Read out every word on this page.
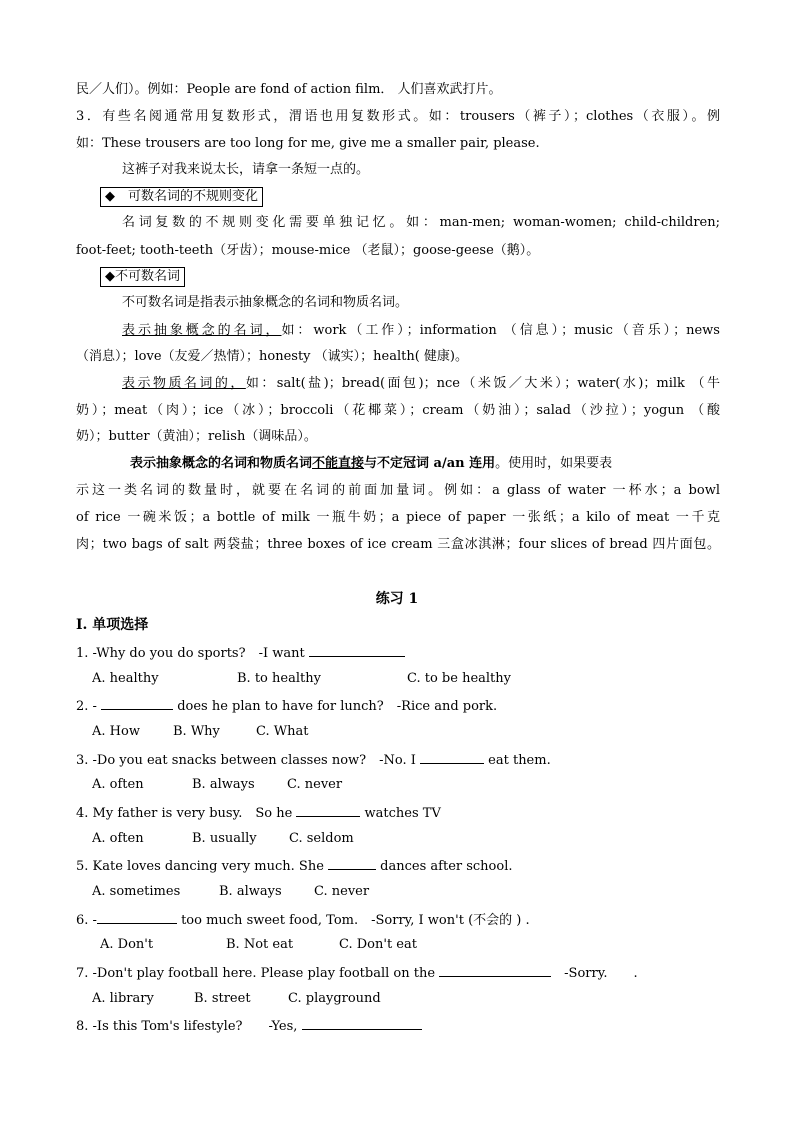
民／人们）。例如：People are fond of action film． 人们喜欢武打片。
3．有些名阅通常用复数形式，渭语也用复数形式。如：trousers（裤子）；clothes（衣服）。例
如：These trousers are too long for me, give me a smaller pair, please.
这裤子对我来说太长，请拿一条短一点的。
◆　可数名词的不规则变化
名词复数的不规则变化需要单独记忆。如：man-men; woman-women; child-children;
foot-feet; tooth-teeth（牙齿）；mouse-mice （老鼠）；goose-geese（鹅）。
◆不可数名词
不可数名词是指表示抽象概念的名词和物质名词。
表示抽象概念的名词，如：work（工作）；information （信息）；music（音乐）；news
（消息）；love（友爱／热情）；honesty （诚实）；health( 健康)。
表示物质名词的，如：salt(盐)；bread(面包)；nce（米饭／大米）；water(水)；milk （牛
奶）；meat（肉）；ice（冰）；broccoli（花椰菜）；cream（奶油）；salad（沙拉）；yogun （酸
奶）；butter（黄油）；relish（调味品）。
表示抽象概念的名词和物质名词不能直接与不定冠词 a/an 连用。使用时，如果要表
示这一类名词的数量时，就要在名词的前面加量词。例如：a glass of water 一杯水；a bowl
of rice 一碗米饭；a bottle of milk 一瓶牛奶；a piece of paper 一张纸；a kilo of meat 一千克
肉；two bags of salt 两袋盐；three boxes of ice cream 三盒冰淇淋；four slices of bread 四片面包。
练习 1
I. 单项选择
1. -Why do you do sports?　-I want
A. healthy	B. to healthy	C. to be healthy
2. -	does he plan to have for lunch?　-Rice and pork.
A. How	B. Why	C. What
3. -Do you eat snacks between classes now?　-No. I	eat them.
A. often	B. always C. never
4. My father is very busy.　So he	watches TV
A. often	B. usually C. seldom
5. Kate loves dancing very much. She	dances after school.
A. sometimes	B. always C. never
6. -	too much sweet food, Tom.　-Sorry, I won't (不会的 ) .
A. Don't	B. Not eat	C. Don't eat
7. -Don't play football here. Please play football on the	　-Sorry.　　.
A. library	B. street	C. playground
8. -Is this Tom's lifestyle?　　-Yes,
